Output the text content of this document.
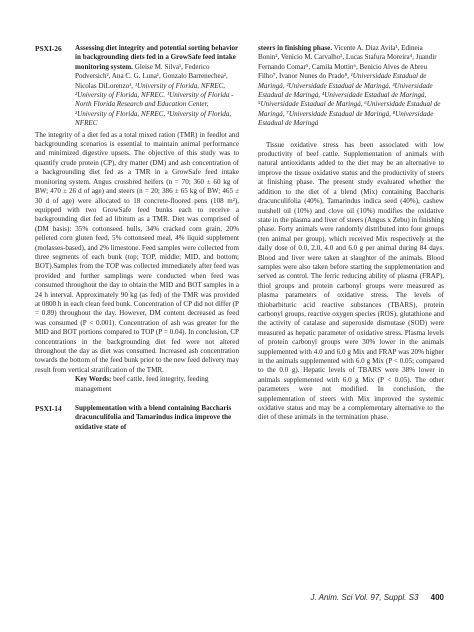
PSXI-26	Assessing diet integrity and potential sorting behavior in backgrounding diets fed in a GrowSafe feed intake monitoring system. Gleise M. Silva¹, Federico Podversich², Ana C. G. Luna¹, Gonzalo Barrenechea², Nicolas DiLorenzo¹, ¹University of Florida, NFREC, ²University of Florida, NFREC. ¹University of Florida - North Florida Research and Education Center, ²University of Florida, NFREC, ³University of Florida, NFREC

The integrity of a diet fed as a total mixed ration (TMR) in feedlot and backgrounding scenarios is essential to maintain animal performance and minimized digestive upsets. The objective of this study was to quantify crude protein (CP), dry matter (DM) and ash concentration of a backgrounding diet fed as a TMR in a GrowSafe feed intake monitoring system. Angus crossbred heifers (n = 70; 360 ± 60 kg of BW; 470 ± 26 d of age) and steers (n = 20; 386 ± 65 kg of BW; 465 ± 30 d of age) were allocated to 18 concrete-floored pens (108 m²), equipped with two GrowSafe feed bunks each to receive a backgrounding diet fed ad libitum as a TMR. Diet was comprised of (DM basis): 35% cottonseed hulls, 34% cracked corn grain, 20% pelleted corn gluten feed, 5% cottonseed meal, 4% liquid supplement (molasses-based), and 2% limestone. Feed samples were collected from three segments of each bunk (top; TOP, middle; MID, and bottom; BOT).Samples from the TOP was collected immediately after feed was provided and further samplings were conducted when feed was consumed throughout the day to obtain the MID and BOT samples in a 24 h interval. Approximately 90 kg (as fed) of the TMR was provided at 0800 h in each clean feed bunk. Concentration of CP did not differ (P = 0.89) throughout the day. However, DM content decreased as feed was consumed (P < 0.001). Concentration of ash was greater for the MID and BOT portions compared to TOP (P = 0.04). In conclusion, CP concentrations in the backgrounding diet fed were not altered throughout the day as diet was consumed. Increased ash concentration towards the bottom of the feed bunk prior to the new feed delivery may result from vertical stratification of the TMR.

Key Words: beef cattle, feed integrity, feeding management

PSXI-14	Supplementation with a blend containing Baccharis dracunculifolia and Tamarindus indica improve the oxidative state of
steers in finishing phase. Vicente A. Diaz Avila¹, Edineia Bonin², Venicio M. Carvalho³, Lucas Stafura Moreira⁴, Juandir Fernando Comar⁵, Camila Mottin⁶, Benicio Alves de Abreu Filho⁷, Ivanor Nunes do Prado⁸, ¹Universidade Estadual de Maringá, ²Universidade Estadual de Maringá, ³Universidade Estadual de Maringá, ⁴Universidade Estadual de Maringá, ⁵Universidade Estadual de Maringá, ⁶Universidade Estadual de Maringá, ⁷Universidade Estadual de Maringá, ⁸Universidade Estadual de Maringá

Tissue oxidative stress has been associated with low productivity of beef cattle. Supplementation of animals with natural antioxidants added to the diet may be an alternative to improve the tissue oxidative status and the productivity of steers at finishing phase. The present study evaluated whether the addition to the diet of a blend (Mix) containing Baccharis dracunculifolia (40%), Tamarindus indica seed (40%), cashew nutshell oil (10%) and clove oil (10%) modifies the oxidative state in the plasma and liver of steers (Angus x Zebu) in finishing phase. Forty animals were randomly distributed into four groups (ten animal per group), which received Mix respectively at the daily dose of 0.0, 2.0, 4.0 and 6.0 g per animal during 84 days. Blood and liver were taken at slaughter of the animals. Blood samples were also taken before starting the supplementation and served as control. The ferric reducing ability of plasma (FRAP), thiol groups and protein carbonyl groups were measured as plasma parameters of oxidative stress. The levels of thiobarbituric acid reactive substances (TBARS), protein carbonyl groups, reactive oxygen species (ROS), glutathione and the activity of catalase and superoxide dismutase (SOD) were measured as hepatic parameter of oxidative stress. Plasma levels of protein carbonyl groups were 30% lower in the animals supplemented with 4.0 and 6.0 g Mix and FRAP was 20% higher in the animals supplemented with 6.0 g Mix (P < 0.05; compared to the 0.0 g). Hepatic levels of TBARS were 38% lower in animals supplemented with 6.0 g Mix (P < 0.05). The other parameters were not modified. In conclusion, the supplementation of steers with Mix improved the systemic oxidative status and may be a complementary alternative to the diet of these animals in the termination phase.

J. Anim. Sci Vol. 97, Suppl. S3 400
